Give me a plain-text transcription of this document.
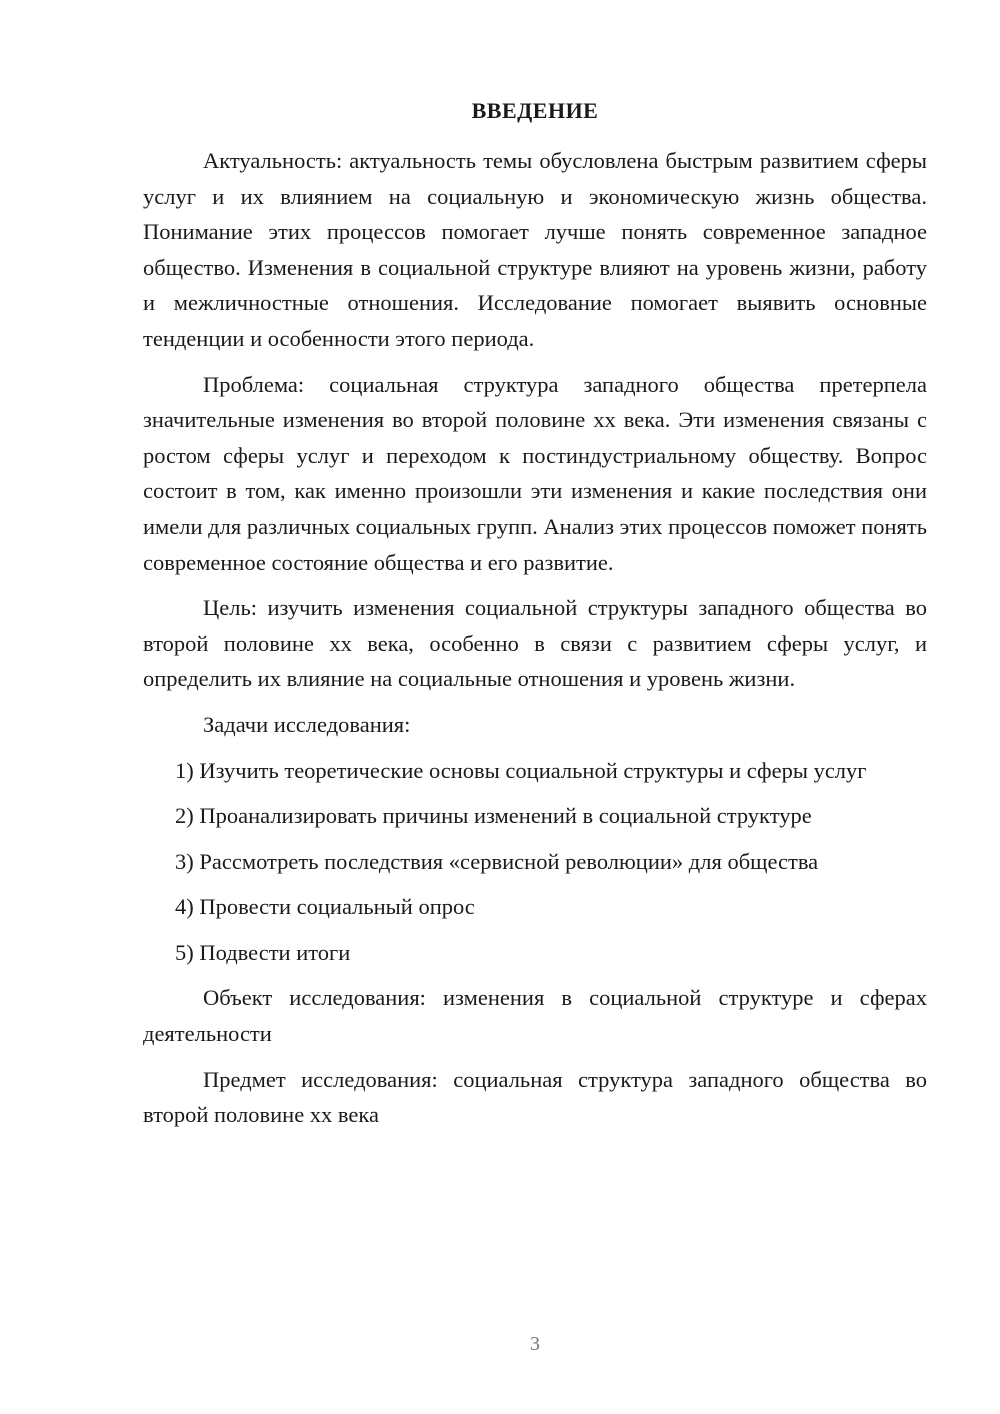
ВВЕДЕНИЕ

Актуальность: актуальность темы обусловлена быстрым развитием сферы услуг и их влиянием на социальную и экономическую жизнь общества. Понимание этих процессов помогает лучше понять современное западное общество. Изменения в социальной структуре влияют на уровень жизни, работу и межличностные отношения. Исследование помогает выявить основные тенденции и особенности этого периода.

Проблема: социальная структура западного общества претерпела значительные изменения во второй половине хх века. Эти изменения связаны с ростом сферы услуг и переходом к постиндустриальному обществу. Вопрос состоит в том, как именно произошли эти изменения и какие последствия они имели для различных социальных групп. Анализ этих процессов поможет понять современное состояние общества и его развитие.

Цель: изучить изменения социальной структуры западного общества во второй половине хх века, особенно в связи с развитием сферы услуг, и определить их влияние на социальные отношения и уровень жизни.

Задачи исследования:

1) Изучить теоретические основы социальной структуры и сферы услуг

2) Проанализировать причины изменений в социальной структуре

3) Рассмотреть последствия «сервисной революции» для общества

4) Провести социальный опрос

5) Подвести итоги

Объект исследования: изменения в социальной структуре и сферах деятельности

Предмет исследования: социальная структура западного общества во второй половине хх века

3
